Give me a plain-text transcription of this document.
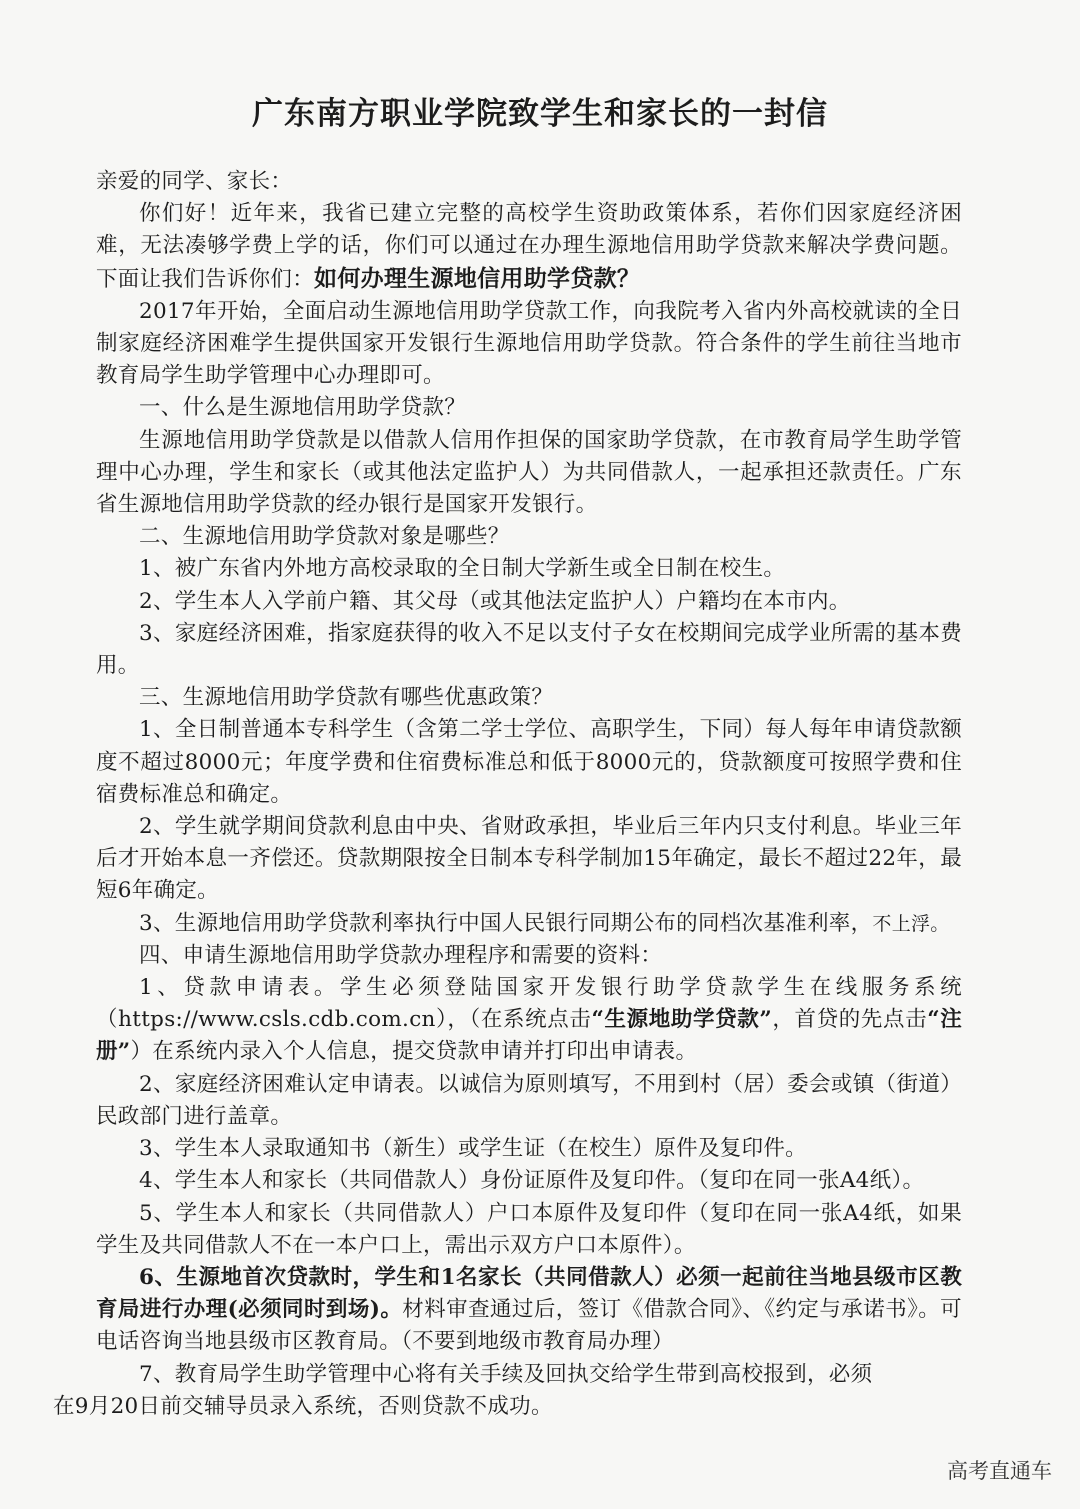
广东南方职业学院致学生和家长的一封信

亲爱的同学、家长：

你们好！近年来，我省已建立完整的高校学生资助政策体系，若你们因家庭经济困难，无法凑够学费上学的话，你们可以通过在办理生源地信用助学贷款来解决学费问题。下面让我们告诉你们：如何办理生源地信用助学贷款？

2017年开始，全面启动生源地信用助学贷款工作，向我院考入省内外高校就读的全日制家庭经济困难学生提供国家开发银行生源地信用助学贷款。符合条件的学生前往当地市教育局学生助学管理中心办理即可。

一、什么是生源地信用助学贷款？

生源地信用助学贷款是以借款人信用作担保的国家助学贷款，在市教育局学生助学管理中心办理，学生和家长（或其他法定监护人）为共同借款人，一起承担还款责任。广东省生源地信用助学贷款的经办银行是国家开发银行。

二、生源地信用助学贷款对象是哪些？

1、被广东省内外地方高校录取的全日制大学新生或全日制在校生。

2、学生本人入学前户籍、其父母（或其他法定监护人）户籍均在本市内。

3、家庭经济困难，指家庭获得的收入不足以支付子女在校期间完成学业所需的基本费用。

三、生源地信用助学贷款有哪些优惠政策？

1、全日制普通本专科学生（含第二学士学位、高职学生，下同）每人每年申请贷款额度不超过8000元；年度学费和住宿费标准总和低于8000元的，贷款额度可按照学费和住宿费标准总和确定。

2、学生就学期间贷款利息由中央、省财政承担，毕业后三年内只支付利息。毕业三年后才开始本息一齐偿还。贷款期限按全日制本专科学制加15年确定，最长不超过22年，最短6年确定。

3、生源地信用助学贷款利率执行中国人民银行同期公布的同档次基准利率，不上浮。

四、申请生源地信用助学贷款办理程序和需要的资料：

1、贷款申请表。学生必须登陆国家开发银行助学贷款学生在线服务系统（https://www.csls.cdb.com.cn），（在系统点击“生源地助学贷款”，首贷的先点击“注册”）在系统内录入个人信息，提交贷款申请并打印出申请表。

2、家庭经济困难认定申请表。以诚信为原则填写，不用到村（居）委会或镇（街道）民政部门进行盖章。

3、学生本人录取通知书（新生）或学生证（在校生）原件及复印件。

4、学生本人和家长（共同借款人）身份证原件及复印件。（复印在同一张A4纸）。

5、学生本人和家长（共同借款人）户口本原件及复印件（复印在同一张A4纸，如果学生及共同借款人不在一本户口上，需出示双方户口本原件）。

6、生源地首次贷款时，学生和1名家长（共同借款人）必须一起前往当地县级市区教育局进行办理(必须同时到场)。材料审查通过后，签订《借款合同》、《约定与承诺书》。可电话咨询当地县级市区教育局。（不要到地级市教育局办理）

7、教育局学生助学管理中心将有关手续及回执交给学生带到高校报到，必须
在9月20日前交辅导员录入系统，否则贷款不成功。

高考直通车
